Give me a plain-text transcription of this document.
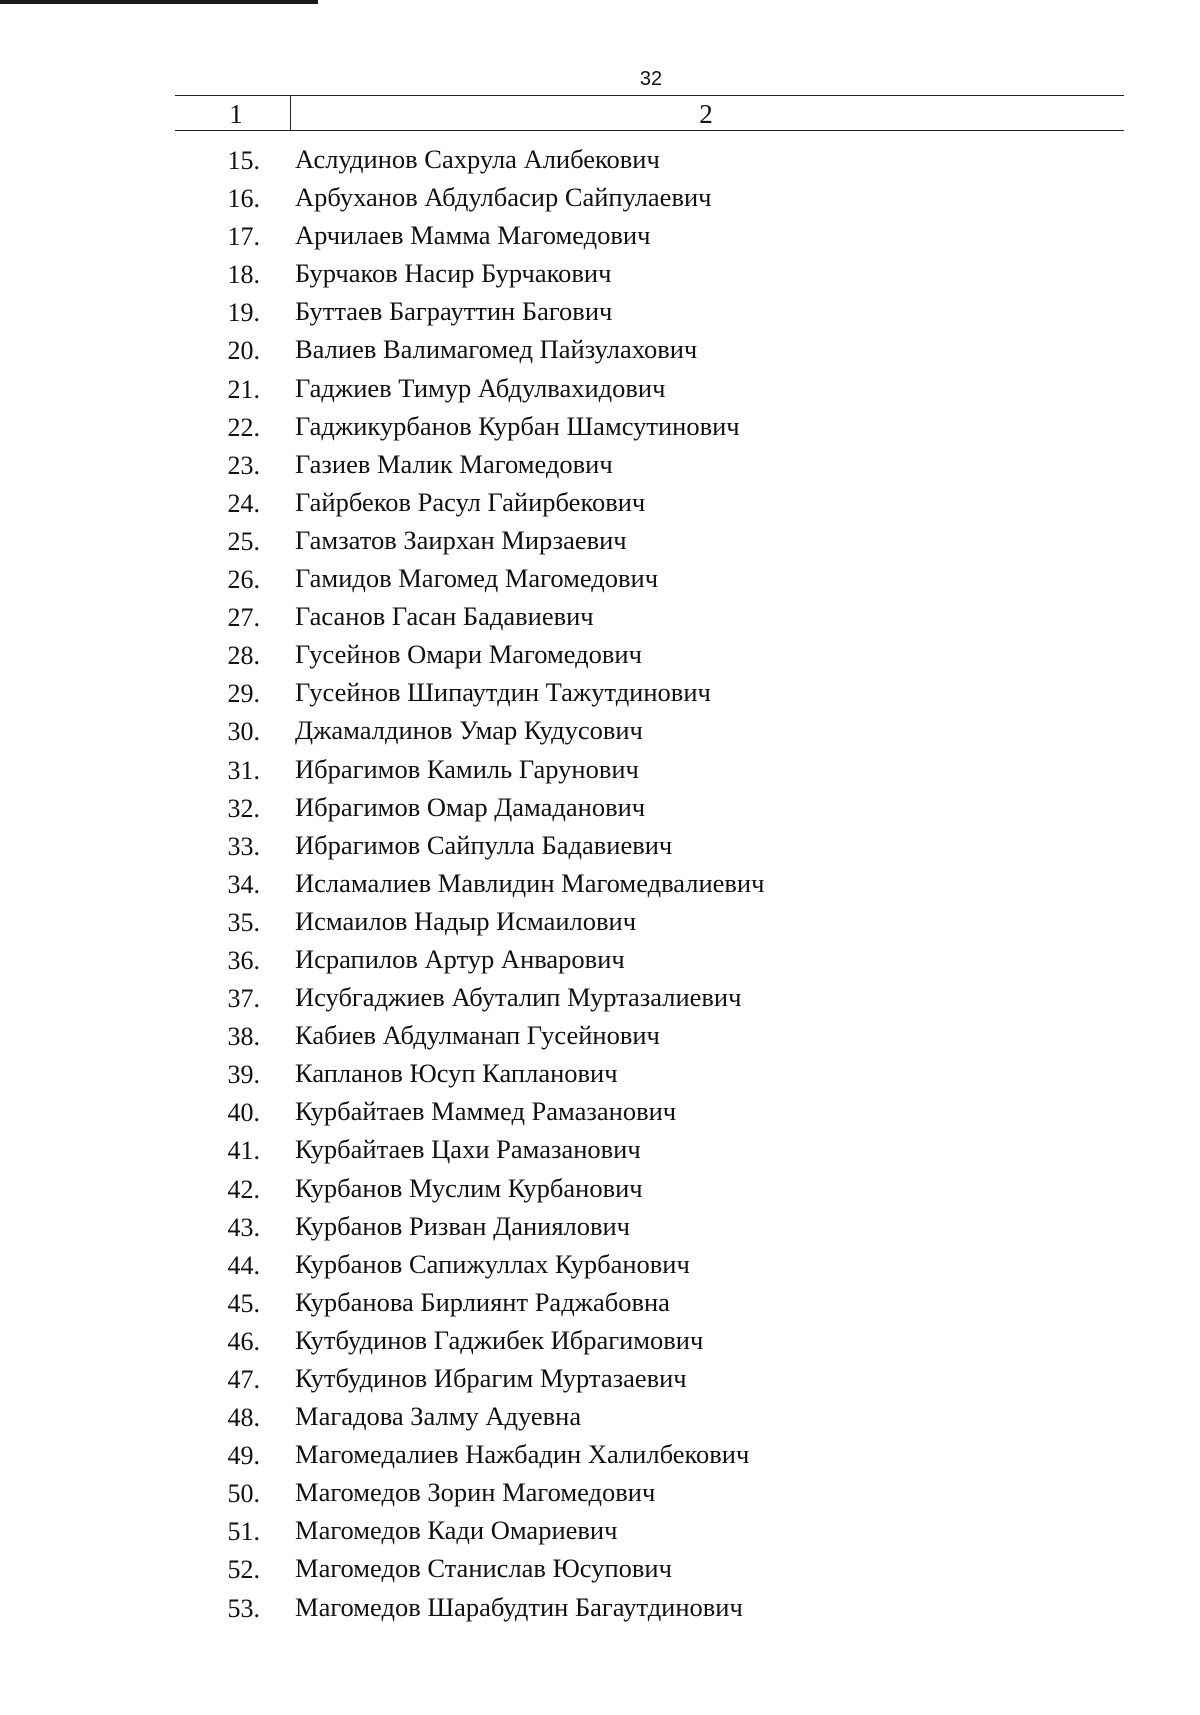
32
1	2
15. Аслудинов Сахрула Алибекович
16. Арбуханов Абдулбасир Сайпулаевич
17. Арчилаев Мамма Магомедович
18. Бурчаков Насир Бурчакович
19. Буттаев Баграуттин Багович
20. Валиев Валимагомед Пайзулахович
21. Гаджиев Тимур Абдулвахидович
22. Гаджикурбанов Курбан Шамсутинович
23. Газиев Малик Магомедович
24. Гайрбеков Расул Гайирбекович
25. Гамзатов Заирхан Мирзаевич
26. Гамидов Магомед Магомедович
27. Гасанов Гасан Бадавиевич
28. Гусейнов Омари Магомедович
29. Гусейнов Шипаутдин Тажутдинович
30. Джамалдинов Умар Кудусович
31. Ибрагимов Камиль Гарунович
32. Ибрагимов Омар Дамаданович
33. Ибрагимов Сайпулла Бадавиевич
34. Исламалиев Мавлидин Магомедвалиевич
35. Исмаилов Надыр Исмаилович
36. Исрапилов Артур Анварович
37. Исубгаджиев Абуталип Муртазалиевич
38. Кабиев Абдулманап Гусейнович
39. Капланов Юсуп Капланович
40. Курбайтаев Маммед Рамазанович
41. Курбайтаев Цахи Рамазанович
42. Курбанов Муслим Курбанович
43. Курбанов Ризван Даниялович
44. Курбанов Сапижуллах Курбанович
45. Курбанова Бирлиянт Раджабовна
46. Кутбудинов Гаджибек Ибрагимович
47. Кутбудинов Ибрагим Муртазаевич
48. Магадова Залму Адуевна
49. Магомедалиев Нажбадин Халилбекович
50. Магомедов Зорин Магомедович
51. Магомедов Кади Омариевич
52. Магомедов Станислав Юсупович
53. Магомедов Шарабудтин Багаутдинович
